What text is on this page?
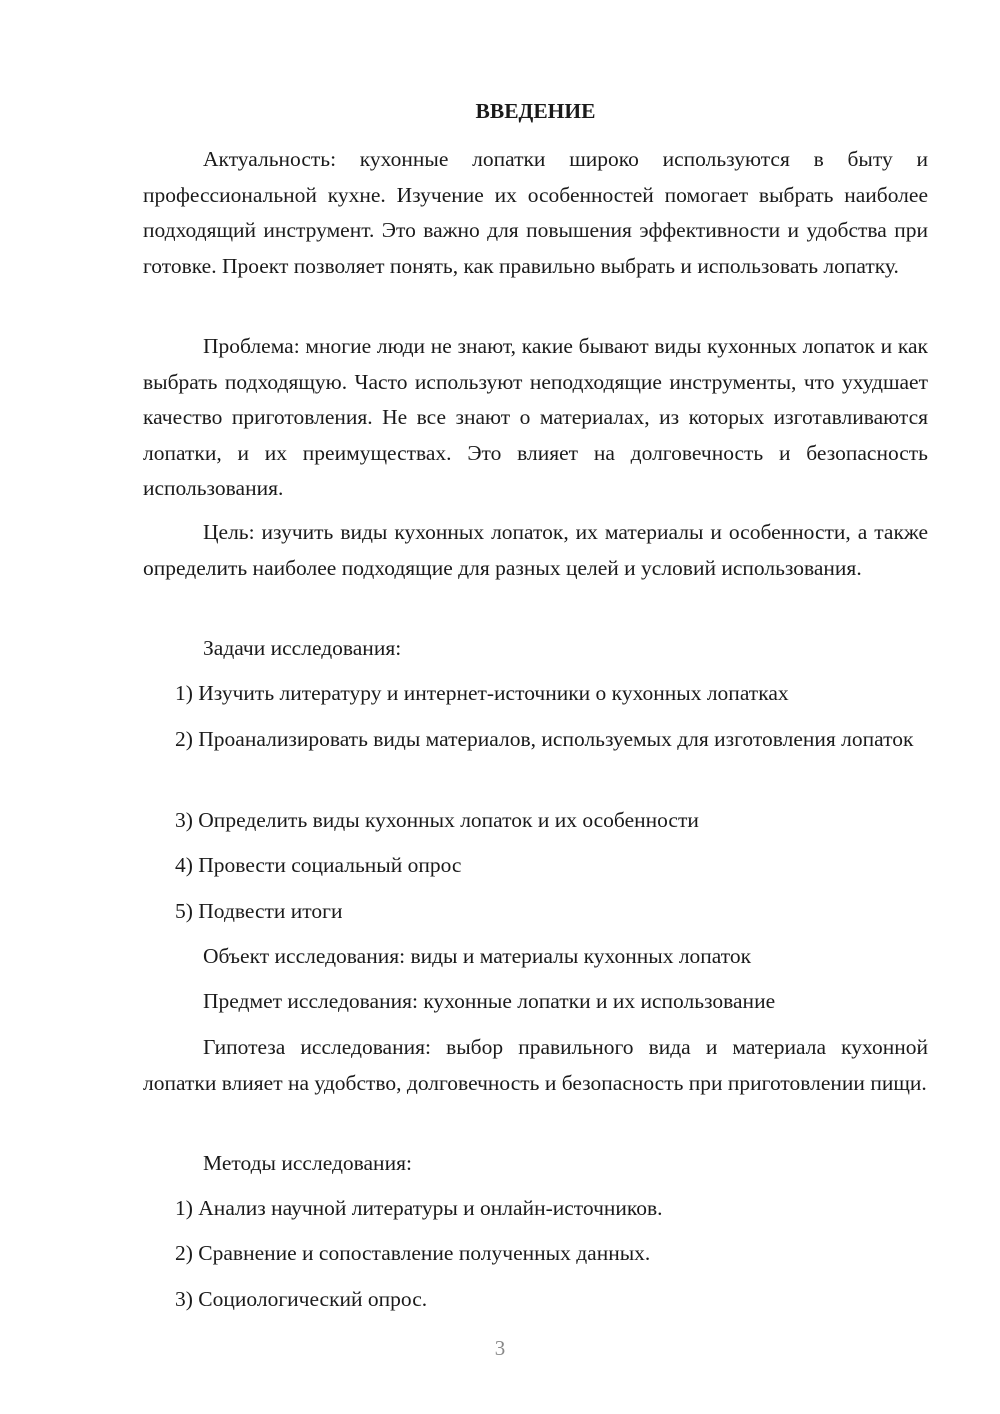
ВВЕДЕНИЕ

Актуальность: кухонные лопатки широко используются в быту и профессиональной кухне. Изучение их особенностей помогает выбрать наиболее подходящий инструмент. Это важно для повышения эффективности и удобства при готовке. Проект позволяет понять, как правильно выбрать и использовать лопатку.

Проблема: многие люди не знают, какие бывают виды кухонных лопаток и как выбрать подходящую. Часто используют неподходящие инструменты, что ухудшает качество приготовления. Не все знают о материалах, из которых изготавливаются лопатки, и их преимуществах. Это влияет на долговечность и безопасность использования.

Цель: изучить виды кухонных лопаток, их материалы и особенности, а также определить наиболее подходящие для разных целей и условий использования.

Задачи исследования:

1) Изучить литературу и интернет-источники о кухонных лопатках

2) Проанализировать виды материалов, используемых для изготовления лопаток

3) Определить виды кухонных лопаток и их особенности

4) Провести социальный опрос

5) Подвести итоги

Объект исследования: виды и материалы кухонных лопаток

Предмет исследования: кухонные лопатки и их использование

Гипотеза исследования: выбор правильного вида и материала кухонной лопатки влияет на удобство, долговечность и безопасность при приготовлении пищи.

Методы исследования:

1) Анализ научной литературы и онлайн-источников.

2) Сравнение и сопоставление полученных данных.

3) Социологический опрос.

3
